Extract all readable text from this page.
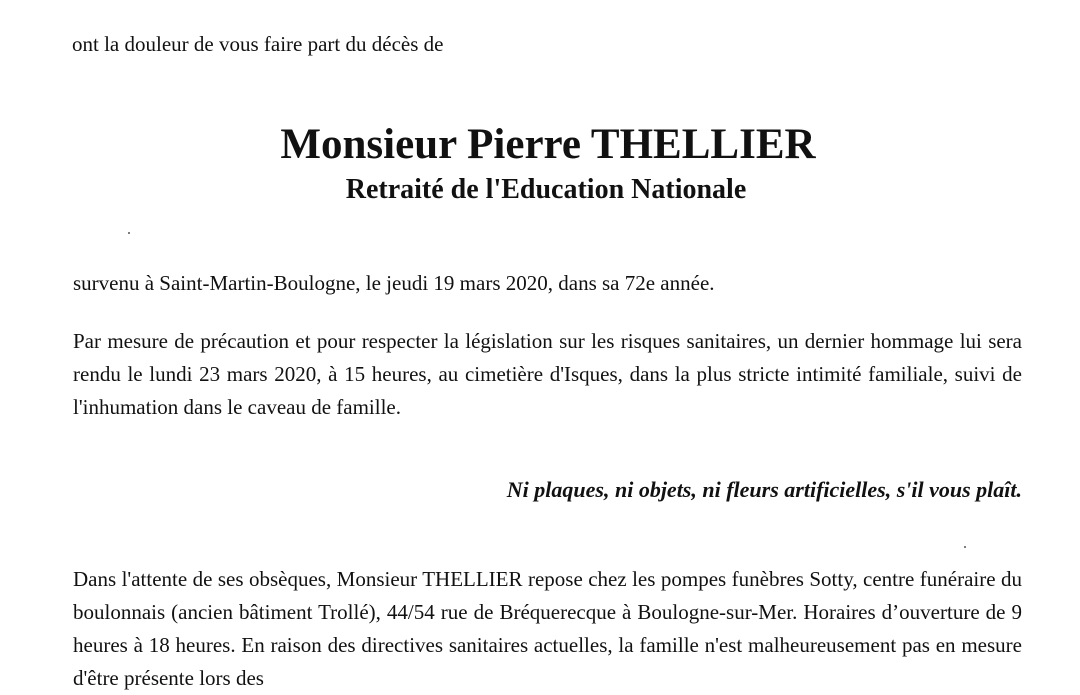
ont la douleur de vous faire part du décès de

Monsieur Pierre THELLIER
Retraité de l'Education Nationale

survenu à Saint-Martin-Boulogne, le jeudi 19 mars 2020, dans sa 72e année.

Par mesure de précaution et pour respecter la législation sur les risques sanitaires, un dernier hommage lui sera rendu le lundi 23 mars 2020, à 15 heures, au cimetière d'Isques, dans la plus stricte intimité familiale, suivi de l'inhumation dans le caveau de famille.

Ni plaques, ni objets, ni fleurs artificielles, s'il vous plaît.

Dans l'attente de ses obsèques, Monsieur THELLIER repose chez les pompes funèbres Sotty, centre funéraire du boulonnais (ancien bâtiment Trollé), 44/54 rue de Bréquerecque à Boulogne-sur-Mer. Horaires d’ouverture de 9 heures à 18 heures. En raison des directives sanitaires actuelles, la famille n'est malheureusement pas en mesure d'être présente lors des
